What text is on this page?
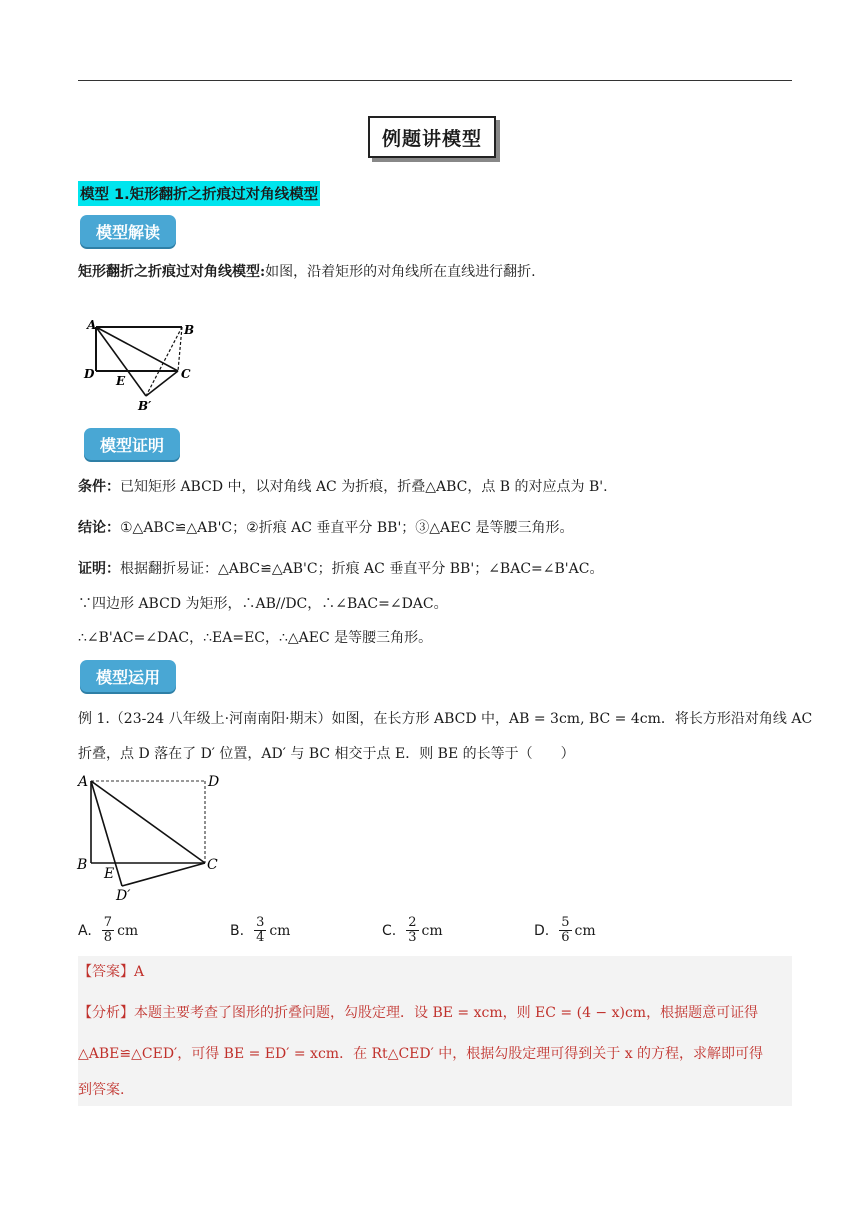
例题讲模型
模型 1.矩形翻折之折痕过对角线模型
模型解读
矩形翻折之折痕过对角线模型:如图，沿着矩形的对角线所在直线进行翻折.
A	B
C
D E
B′
模型证明
条件：已知矩形 ABCD 中，以对角线 AC 为折痕，折叠△ABC，点 B 的对应点为 B'.
结论：①△ABC≌△AB'C；②折痕 AC 垂直平分 BB'；③△AEC 是等腰三角形。
证明：根据翻折易证：△ABC≌△AB'C；折痕 AC 垂直平分 BB'；∠BAC=∠B'AC。
∵四边形 ABCD 为矩形，∴AB//DC，∴∠BAC=∠DAC。
∴∠B'AC=∠DAC，∴EA=EC，∴△AEC 是等腰三角形。
模型运用
例 1.（23-24 八年级上·河南南阳·期末）如图，在长方形 ABCD 中，AB = 3cm, BC = 4cm．将长方形沿对角线 AC
折叠，点 D 落在了 D′ 位置，AD′ 与 BC 相交于点 E．则 BE 的长等于（　　）
A	D
B	C
E
D′
A. $\frac{7}{8}$ cm	B. $\frac{3}{4}$ cm	C. $\frac{2}{3}$ cm	D. $\frac{5}{6}$ cm
【答案】A
【分析】本题主要考查了图形的折叠问题，勾股定理．设 BE = xcm，则 EC = (4 − x)cm，根据题意可证得
△ABE≌△CED′，可得 BE = ED′ = xcm．在 Rt△CED′ 中，根据勾股定理可得到关于 x 的方程，求解即可得
到答案.
